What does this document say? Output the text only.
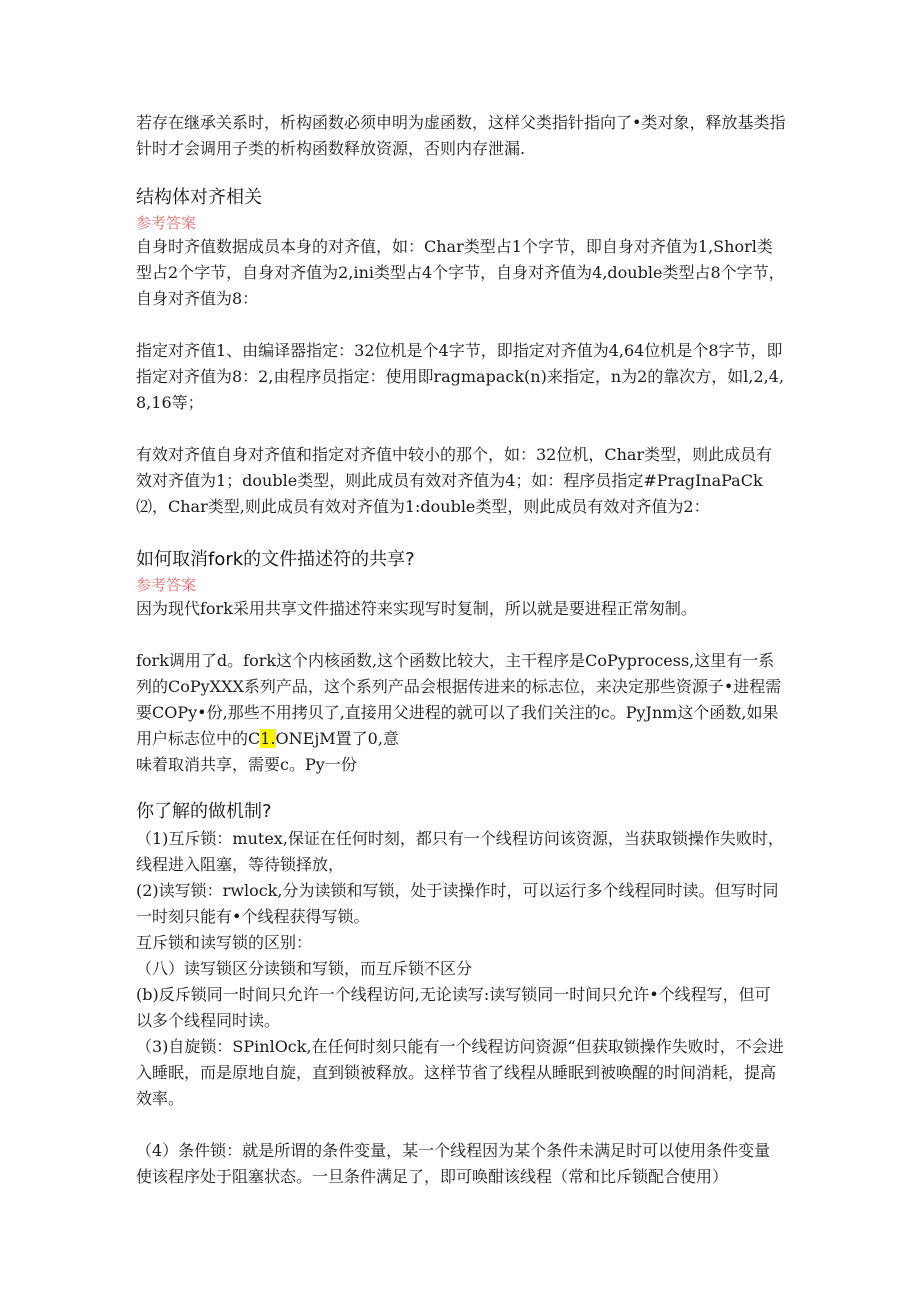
若存在继承关系时，析构函数必须申明为虚函数，这样父类指针指向了•类对象，释放基类指针时才会调用子类的析构函数释放资源，否则内存泄漏.

结构体对齐相关
参考答案

自身时齐值数据成员本身的对齐值，如：Char类型占1个字节，即自身对齐值为1,Shorl类型占2个字节，自身对齐值为2,ini类型占4个字节，自身对齐值为4,double类型占8个字节，自身对齐值为8：

指定对齐值1、由编译器指定：32位机是个4字节，即指定对齐值为4,64位机是个8字节，即指定对齐值为8：2,由程序员指定：使用即ragmapack(n)来指定，n为2的靠次方，如l,2,4,8,16等；

有效对齐值自身对齐值和指定对齐值中较小的那个，如：32位机，Char类型，则此成员有效对齐值为1；double类型，则此成员有效对齐值为4；如：程序员指定#PragInaPaCk⑵，Char类型,则此成员有效对齐值为1:double类型，则此成员有效对齐值为2：

如何取消fork的文件描述符的共享?
参考答案

因为现代fork采用共享文件描述符来实现写时复制，所以就是要进程正常匆制。

fork调用了d。fork这个内核函数,这个函数比较大，主干程序是CoPyprocess,这里有一系列的CoPyXXX系列产品，这个系列产品会根据传进来的标志位，来决定那些资源子•进程需要COPy•份,那些不用拷贝了,直接用父进程的就可以了我们关注的c。PyJnm这个函数,如果用户标志位中的C1.ONEjM置了0,意

味着取消共享，需要c。Py一份

你了解的做机制?

（1)互斥锁：mutex,保证在任何时刻，都只有一个线程访问该资源，当获取锁操作失败时，线程进入阻塞，等待锁择放，

(2)读写锁：rwlock,分为读锁和写锁，处于读操作时，可以运行多个线程同时读。但写时同一时刻只能有•个线程获得写锁。

互斥锁和读写锁的区别：

（八）读写锁区分读锁和写锁，而互斥锁不区分

(b)反斥锁同一时间只允许一个线程访问,无论读写:读写锁同一时间只允许•个线程写，但可以多个线程同时读。

（3)自旋锁：SPinlOck,在任何时刻只能有一个线程访问资源“但获取锁操作失败时，不会进入睡眠，而是原地自旋，直到锁被释放。这样节省了线程从睡眠到被唤醒的时间消耗，提高效率。

（4）条件锁：就是所谓的条件变量，某一个线程因为某个条件未满足时可以使用条件变量使该程序处于阻塞状态。一旦条件满足了，即可唤酣该线程（常和比斥锁配合使用）
